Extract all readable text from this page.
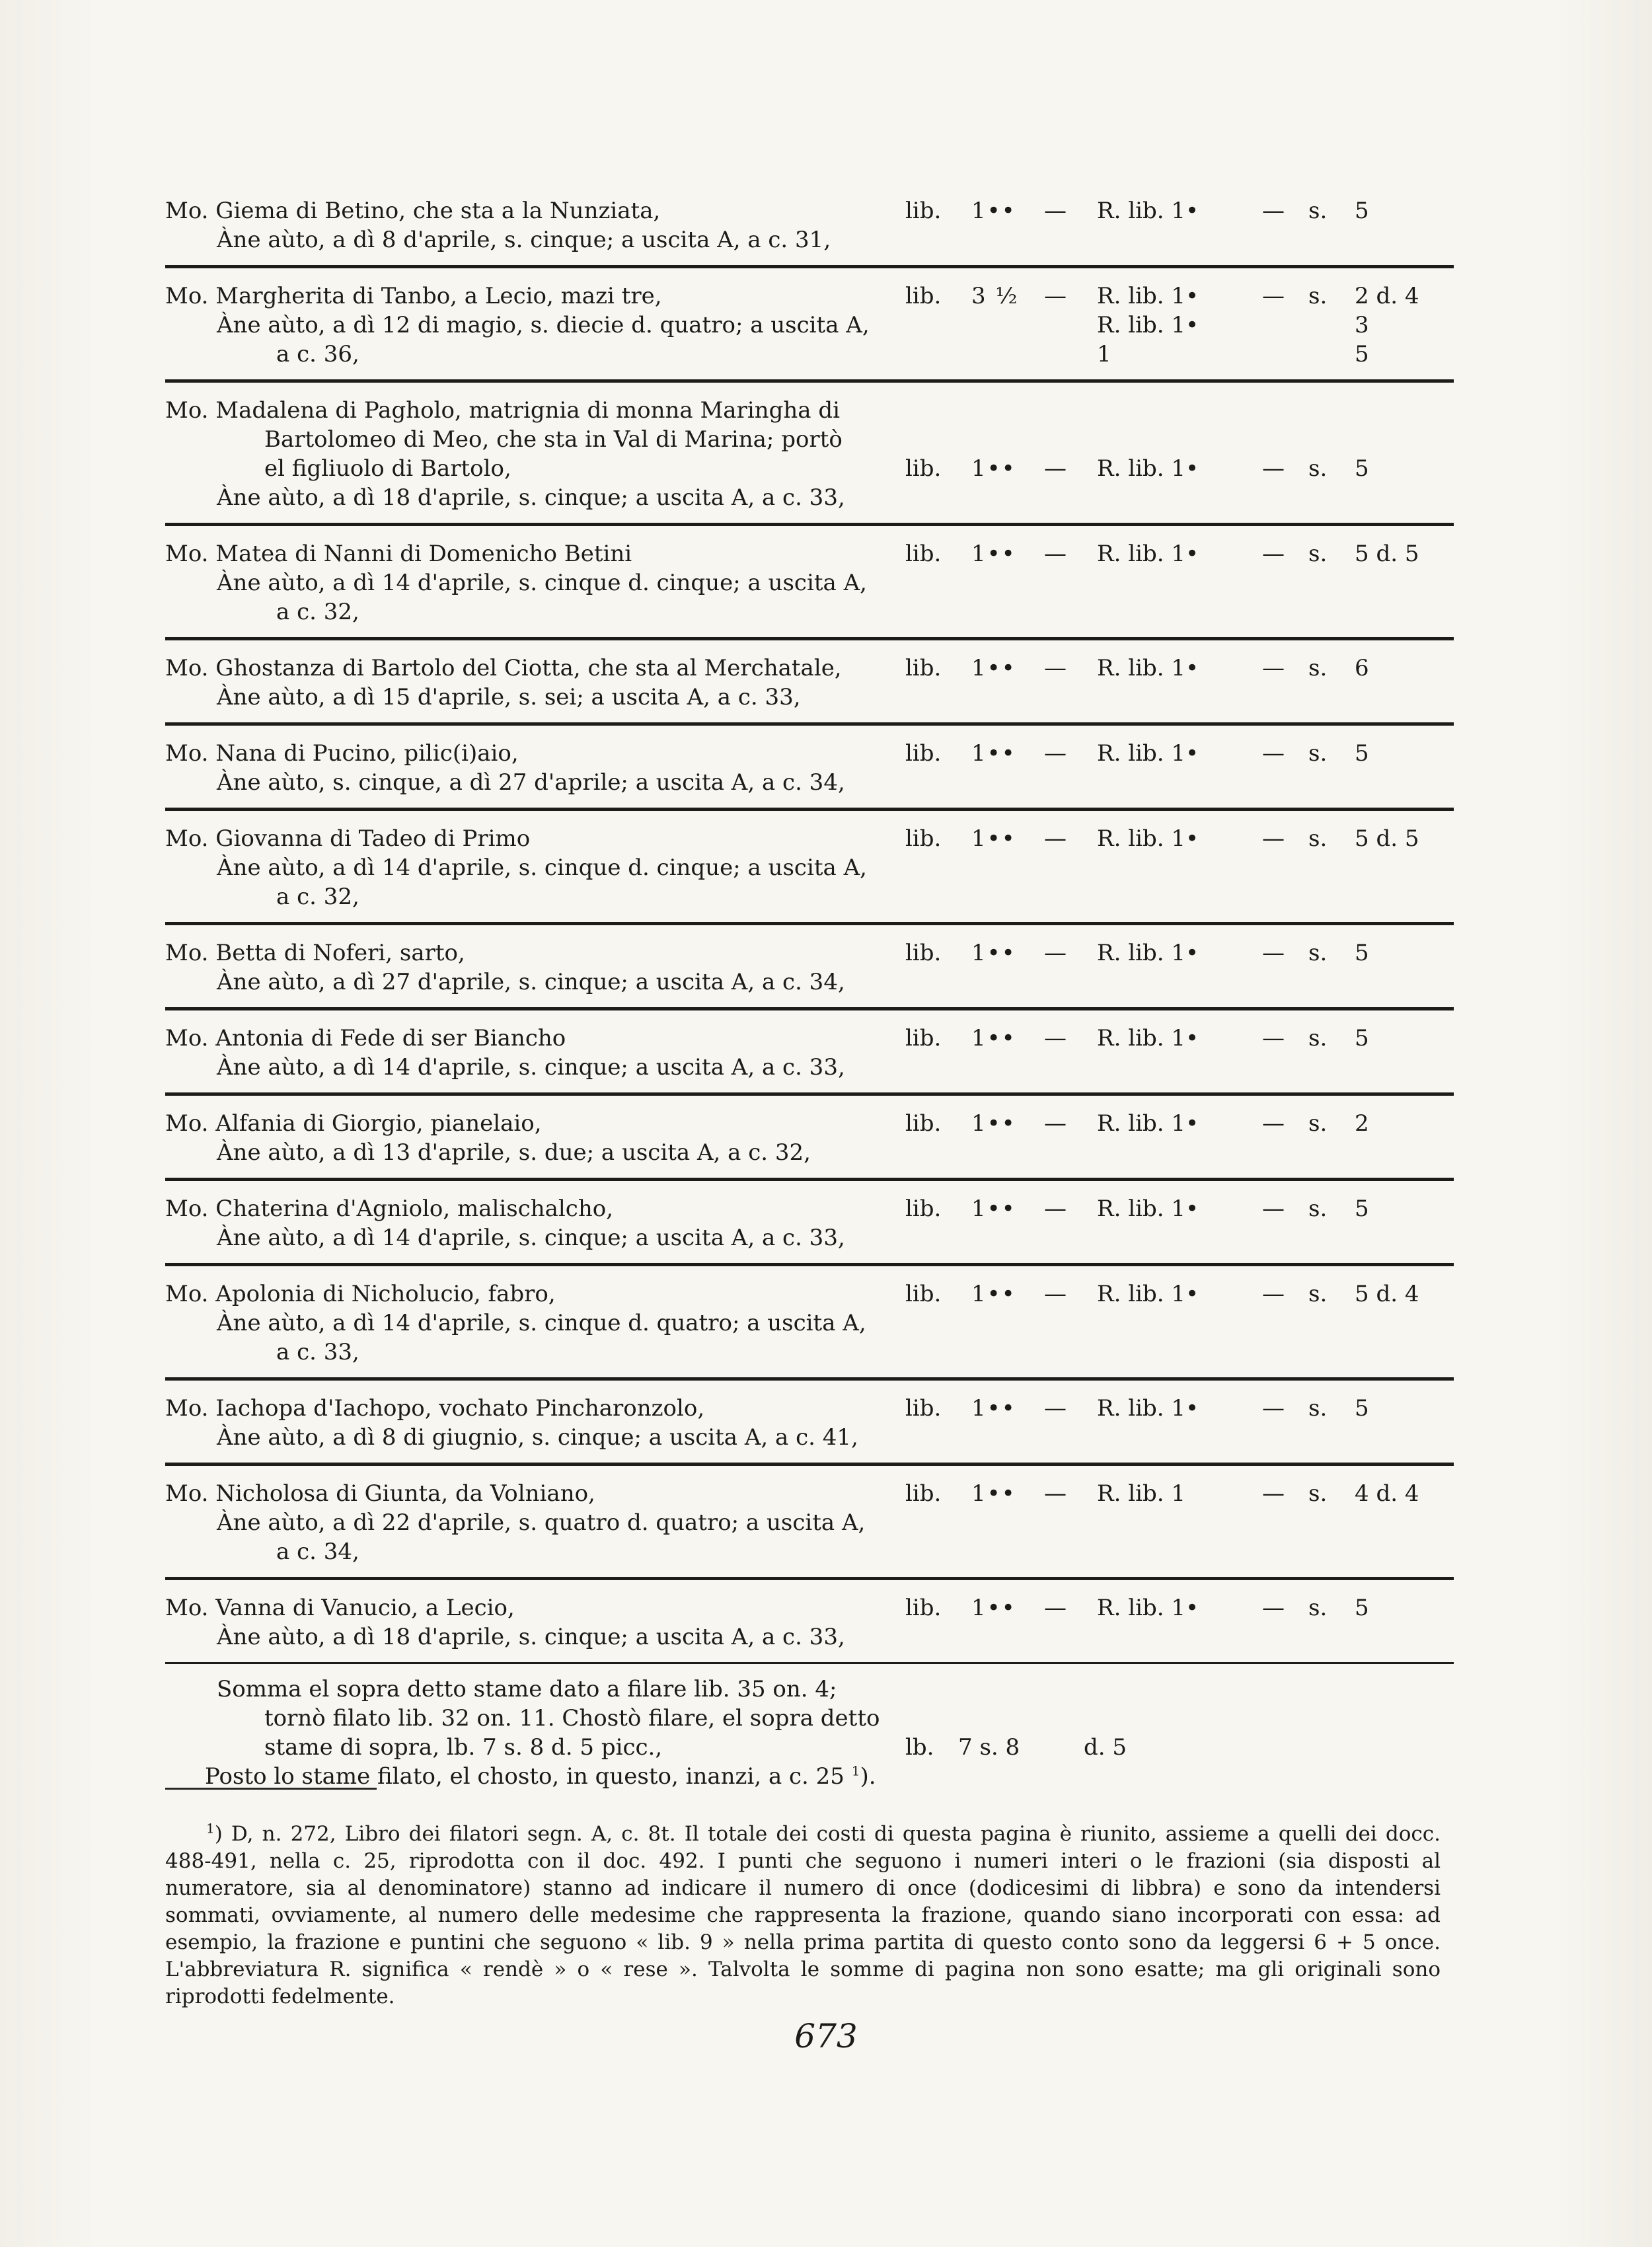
Mo. Giema di Betino, che sta a la Nunziata,
Àne aùto, a dì 8 d'aprile, s. cinque; a uscita A, a c. 31,
lib. 1•• — R. lib. 1•	— s. 5
Mo. Margherita di Tanbo, a Lecio, mazi tre,
Àne aùto, a dì 12 di magio, s. diecie d. quatro; a uscita A,
a c. 36,
lib. 3 ½ — R. lib. 1•	— s. 2 d. 4
R. lib. 1•	3
1	5
Mo. Madalena di Pagholo, matrignia di monna Maringha di
Bartolomeo di Meo, che sta in Val di Marina; portò
el figliuolo di Bartolo,
Àne aùto, a dì 18 d'aprile, s. cinque; a uscita A, a c. 33,
lib. 1•• — R. lib. 1•	— s. 5
Mo. Matea di Nanni di Domenicho Betini
Àne aùto, a dì 14 d'aprile, s. cinque d. cinque; a uscita A,
a c. 32,
lib. 1•• — R. lib. 1•	— s. 5 d. 5
Mo. Ghostanza di Bartolo del Ciotta, che sta al Merchatale,
Àne aùto, a dì 15 d'aprile, s. sei; a uscita A, a c. 33,
lib. 1•• — R. lib. 1•	— s. 6
Mo. Nana di Pucino, pilic(i)aio,
Àne aùto, s. cinque, a dì 27 d'aprile; a uscita A, a c. 34,
lib. 1•• — R. lib. 1•	— s. 5
Mo. Giovanna di Tadeo di Primo
Àne aùto, a dì 14 d'aprile, s. cinque d. cinque; a uscita A,
a c. 32,
lib. 1•• — R. lib. 1•	— s. 5 d. 5
Mo. Betta di Noferi, sarto,
Àne aùto, a dì 27 d'aprile, s. cinque; a uscita A, a c. 34,
lib. 1•• — R. lib. 1•	— s. 5
Mo. Antonia di Fede di ser Biancho
Àne aùto, a dì 14 d'aprile, s. cinque; a uscita A, a c. 33,
lib. 1•• — R. lib. 1•	— s. 5
Mo. Alfania di Giorgio, pianelaio,
Àne aùto, a dì 13 d'aprile, s. due; a uscita A, a c. 32,
lib. 1•• — R. lib. 1•	— s. 2
Mo. Chaterina d'Agniolo, malischalcho,
Àne aùto, a dì 14 d'aprile, s. cinque; a uscita A, a c. 33,
lib. 1•• — R. lib. 1•	— s. 5
Mo. Apolonia di Nicholucio, fabro,
Àne aùto, a dì 14 d'aprile, s. cinque d. quatro; a uscita A,
a c. 33,
lib. 1•• — R. lib. 1•	— s. 5 d. 4
Mo. Iachopa d'Iachopo, vochato Pincharonzolo,
Àne aùto, a dì 8 di giugnio, s. cinque; a uscita A, a c. 41,
lib. 1•• — R. lib. 1•	— s. 5
Mo. Nicholosa di Giunta, da Volniano,
Àne aùto, a dì 22 d'aprile, s. quatro d. quatro; a uscita A,
a c. 34,
lib. 1•• — R. lib. 1	— s. 4 d. 4
Mo. Vanna di Vanucio, a Lecio,
Àne aùto, a dì 18 d'aprile, s. cinque; a uscita A, a c. 33,
lib. 1•• — R. lib. 1•	— s. 5
Somma el sopra detto stame dato a filare lib. 35 on. 4;
tornò filato lib. 32 on. 11. Chostò filare, el sopra detto
stame di sopra, lb. 7 s. 8 d. 5 picc.,
Posto lo stame filato, el chosto, in questo, inanzi, a c. 25 $^1$).
lb. 7 s. 8	d. 5

$^1$) D, n. 272, Libro dei filatori segn. A, c. 8t. Il totale dei costi di questa pagina è riunito, assieme a quelli dei docc. 488-491, nella c. 25, riprodotta con il doc. 492. I punti che seguono i numeri interi o le frazioni (sia disposti al numeratore, sia al denominatore) stanno ad indicare il numero di once (dodicesimi di libbra) e sono da intendersi sommati, ovviamente, al numero delle medesime che rappresenta la frazione, quando siano incorporati con essa: ad esempio, la frazione e puntini che seguono « lib. 9 » nella prima partita di questo conto sono da leggersi 6 + 5 once. L'abbreviatura R. significa « rendè » o « rese ». Talvolta le somme di pagina non sono esatte; ma gli originali sono riprodotti fedelmente.

673
